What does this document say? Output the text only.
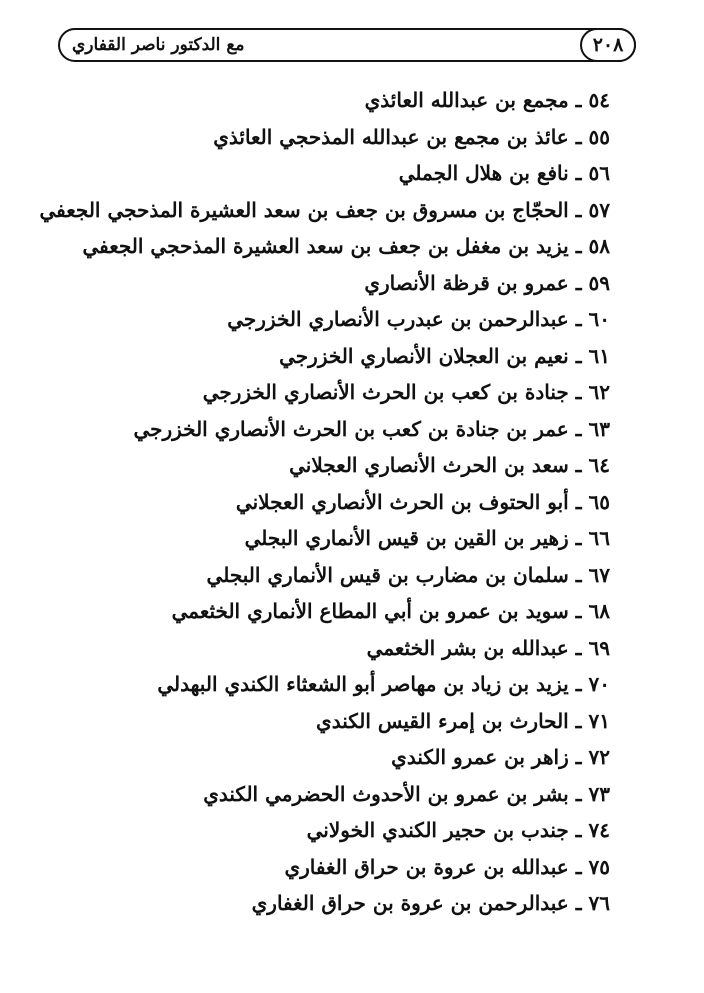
٢٠٨
مع الدكتور ناصر القفاري
٥٤ ـ مجمع بن عبدالله العائذي
٥٥ ـ عائذ بن مجمع بن عبدالله المذحجي العائذي
٥٦ ـ نافع بن هلال الجملي
٥٧ ـ الحجّاج بن مسروق بن جعف بن سعد العشيرة المذحجي الجعفي
٥٨ ـ يزيد بن مغفل بن جعف بن سعد العشيرة المذحجي الجعفي
٥٩ ـ عمرو بن قرظة الأنصاري
٦٠ ـ عبدالرحمن بن عبدرب الأنصاري الخزرجي
٦١ ـ نعيم بن العجلان الأنصاري الخزرجي
٦٢ ـ جنادة بن كعب بن الحرث الأنصاري الخزرجي
٦٣ ـ عمر بن جنادة بن كعب بن الحرث الأنصاري الخزرجي
٦٤ ـ سعد بن الحرث الأنصاري العجلاني
٦٥ ـ أبو الحتوف بن الحرث الأنصاري العجلاني
٦٦ ـ زهير بن القين بن قيس الأنماري البجلي
٦٧ ـ سلمان بن مضارب بن قيس الأنماري البجلي
٦٨ ـ سويد بن عمرو بن أبي المطاع الأنماري الخثعمي
٦٩ ـ عبدالله بن بشر الخثعمي
٧٠ ـ يزيد بن زياد بن مهاصر أبو الشعثاء الكندي البهدلي
٧١ ـ الحارث بن إمرء القيس الكندي
٧٢ ـ زاهر بن عمرو الكندي
٧٣ ـ بشر بن عمرو بن الأحدوث الحضرمي الكندي
٧٤ ـ جندب بن حجير الكندي الخولاني
٧٥ ـ عبدالله بن عروة بن حراق الغفاري
٧٦ ـ عبدالرحمن بن عروة بن حراق الغفاري
